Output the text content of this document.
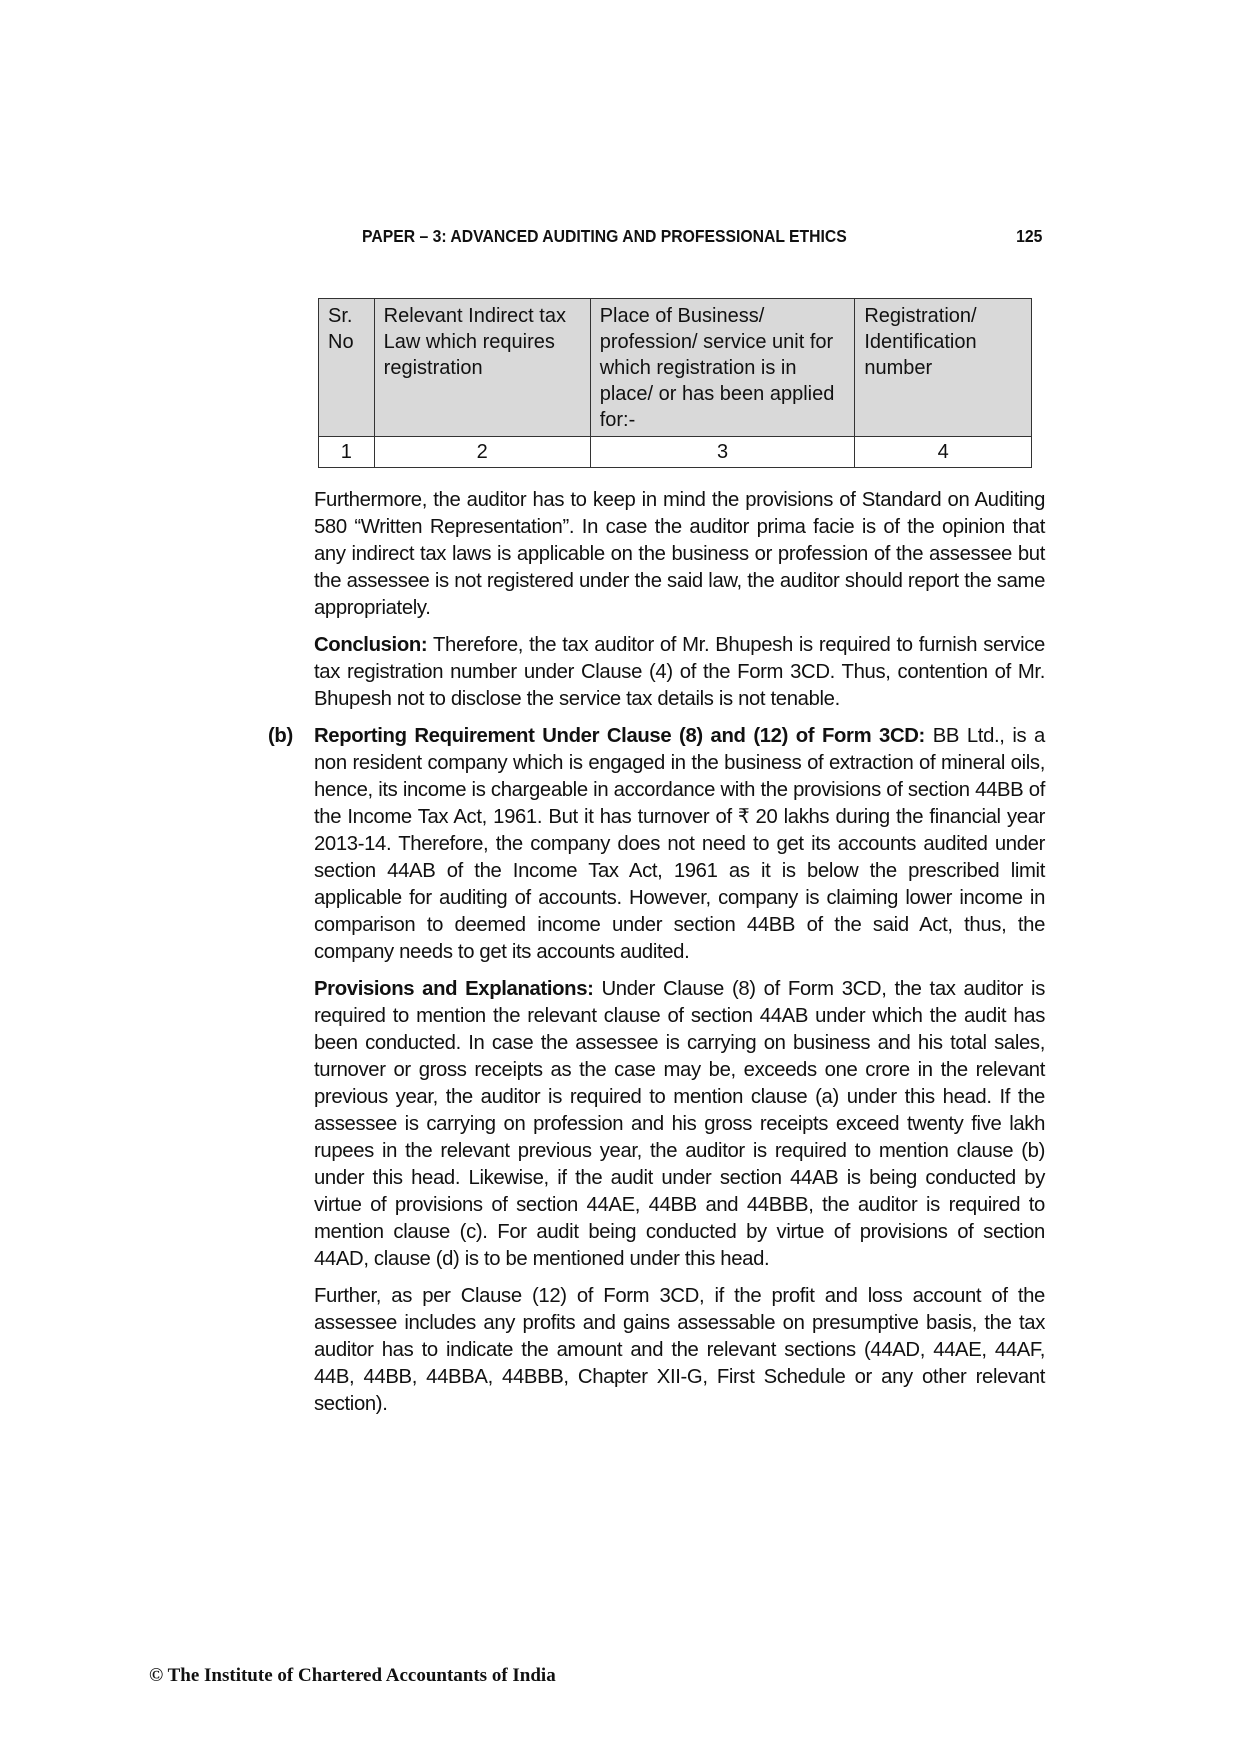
PAPER – 3: ADVANCED AUDITING AND PROFESSIONAL ETHICS	125
Sr. No	Relevant Indirect tax Law which requires registration	Place of Business/ profession/ service unit for which registration is in place/ or has been applied for:-	Registration/ Identification number
1	2	3	4

Furthermore, the auditor has to keep in mind the provisions of Standard on Auditing 580 “Written Representation”. In case the auditor prima facie is of the opinion that any indirect tax laws is applicable on the business or profession of the assessee but the assessee is not registered under the said law, the auditor should report the same appropriately.

Conclusion: Therefore, the tax auditor of Mr. Bhupesh is required to furnish service tax registration number under Clause (4) of the Form 3CD. Thus, contention of Mr. Bhupesh not to disclose the service tax details is not tenable.

(b) Reporting Requirement Under Clause (8) and (12) of Form 3CD: BB Ltd., is a non resident company which is engaged in the business of extraction of mineral oils, hence, its income is chargeable in accordance with the provisions of section 44BB of the Income Tax Act, 1961. But it has turnover of ₹ 20 lakhs during the financial year 2013-14. Therefore, the company does not need to get its accounts audited under section 44AB of the Income Tax Act, 1961 as it is below the prescribed limit applicable for auditing of accounts. However, company is claiming lower income in comparison to deemed income under section 44BB of the said Act, thus, the company needs to get its accounts audited.

Provisions and Explanations: Under Clause (8) of Form 3CD, the tax auditor is required to mention the relevant clause of section 44AB under which the audit has been conducted. In case the assessee is carrying on business and his total sales, turnover or gross receipts as the case may be, exceeds one crore in the relevant previous year, the auditor is required to mention clause (a) under this head. If the assessee is carrying on profession and his gross receipts exceed twenty five lakh rupees in the relevant previous year, the auditor is required to mention clause (b) under this head. Likewise, if the audit under section 44AB is being conducted by virtue of provisions of section 44AE, 44BB and 44BBB, the auditor is required to mention clause (c). For audit being conducted by virtue of provisions of section 44AD, clause (d) is to be mentioned under this head.

Further, as per Clause (12) of Form 3CD, if the profit and loss account of the assessee includes any profits and gains assessable on presumptive basis, the tax auditor has to indicate the amount and the relevant sections (44AD, 44AE, 44AF, 44B, 44BB, 44BBA, 44BBB, Chapter XII-G, First Schedule or any other relevant section).

© The Institute of Chartered Accountants of India
